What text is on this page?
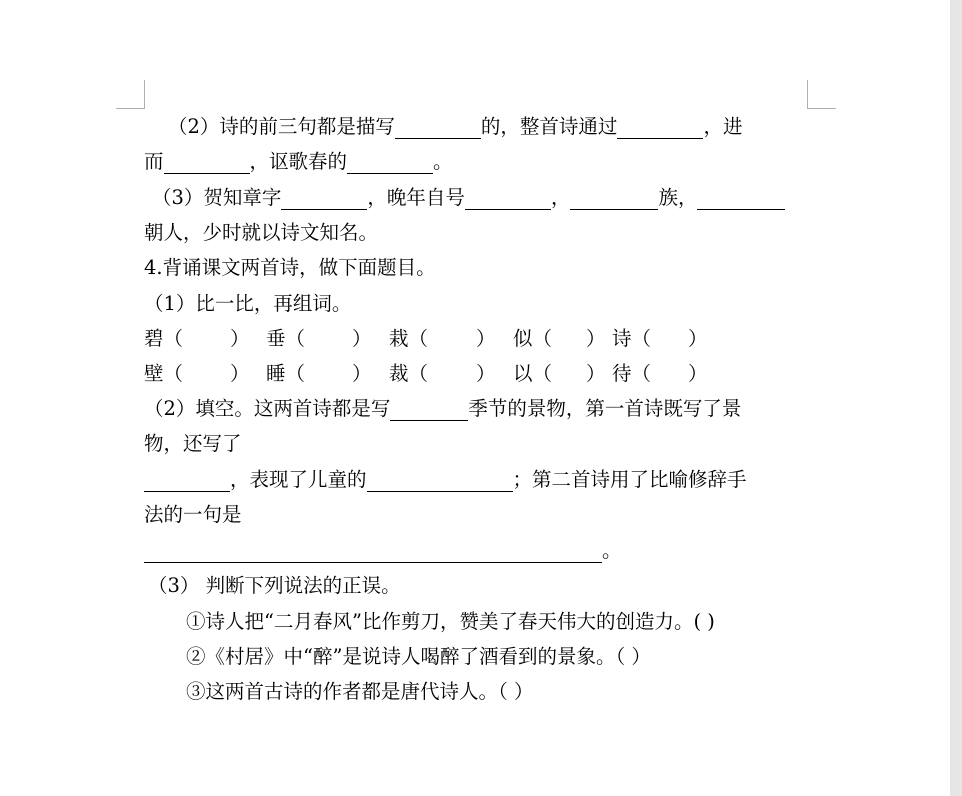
（2）诗的前三句都是描写	的，整首诗通过	，进
而	，讴歌春的	。
（3）贺知章字	，晚年自号	，	族，
朝人，少时就以诗文知名。
4.背诵课文两首诗，做下面题目。
（1）比一比，再组词。
碧（ ） 垂（ ） 栽（ ） 似（ ） 诗（ ）
壁（ ） 睡（ ） 裁（ ） 以（ ） 待（ ）
（2）填空。这两首诗都是写	季节的景物，第一首诗既写了景
物，还写了
，表现了儿童的	；第二首诗用了比喻修辞手
法的一句是
。
（3） 判断下列说法的正误。
①诗人把“二月春风”比作剪刀，赞美了春天伟大的创造力。( )
②《村居》中“醉”是说诗人喝醉了酒看到的景象。（ ）
③这两首古诗的作者都是唐代诗人。（ ）
